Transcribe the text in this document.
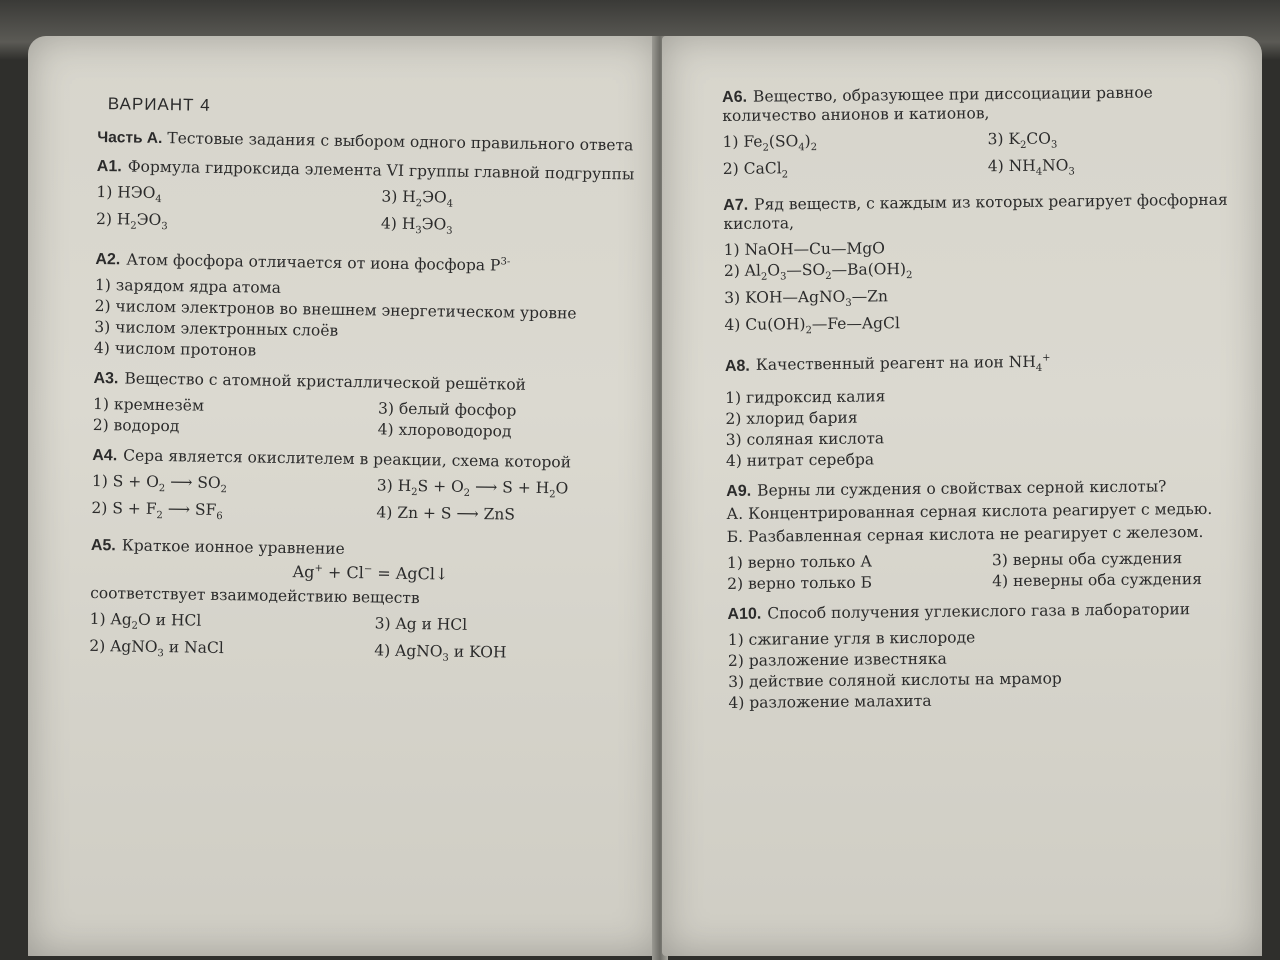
ВАРИАНТ 4
Часть А. Тестовые задания с выбором одного правильного ответа
А1. Формула гидроксида элемента VI группы главной подгруппы
1) $НЭО_4$	3) $Н_2ЭО_4$
2) $Н_2ЭО_3$	4) $Н_3ЭО_3$
А2. Атом фосфора отличается от иона фосфора $Р^{3-}$
1) зарядом ядра атома
2) числом электронов во внешнем энергетическом уровне
3) числом электронных слоёв
4) числом протонов
А3. Вещество с атомной кристаллической решёткой
1) кремнезём	3) белый фосфор
2) водород	4) хлороводород
А4. Сера является окислителем в реакции, схема которой
1) $S + O_2$ ⟶ $SO_2$	3) $H_2S + O_2$ ⟶ $S + H_2O$
2) $S + F_2$ ⟶ $SF_6$	4) Zn + S ⟶ ZnS
А5. Краткое ионное уравнение
Ag+ + Cl− = AgCl↓
соответствует взаимодействию веществ
1) $Ag_2O$ и HCl	3) Ag и HCl
2) AgNO$_3$ и NaCl	4) AgNO$_3$ и KOH
А6. Вещество, образующее при диссоциации равное количество анионов и катионов,
1) $Fe_2(SO_4)_2$	3) $K_2CO_3$
2) CaCl$_2$	4) $NH_4NO_3$
А7. Ряд веществ, с каждым из которых реагирует фосфорная кислота,
1) NaOH—Cu—MgO
2) $Al_2O_3—SO_2—Ba(OH)_2$
3) KOH—AgNO$_3$—Zn
4) $Cu(OH)_2—Fe—AgCl$
А8. Качественный реагент на ион $NH_4^+$
1) гидроксид калия
2) хлорид бария
3) соляная кислота
4) нитрат серебра
А9. Верны ли суждения о свойствах серной кислоты?
А. Концентрированная серная кислота реагирует с медью.
Б. Разбавленная серная кислота не реагирует с железом.
1) верно только А	3) верны оба суждения
2) верно только Б	4) неверны оба суждения
А10. Способ получения углекислого газа в лаборатории
1) сжигание угля в кислороде
2) разложение известняка
3) действие соляной кислоты на мрамор
4) разложение малахита
